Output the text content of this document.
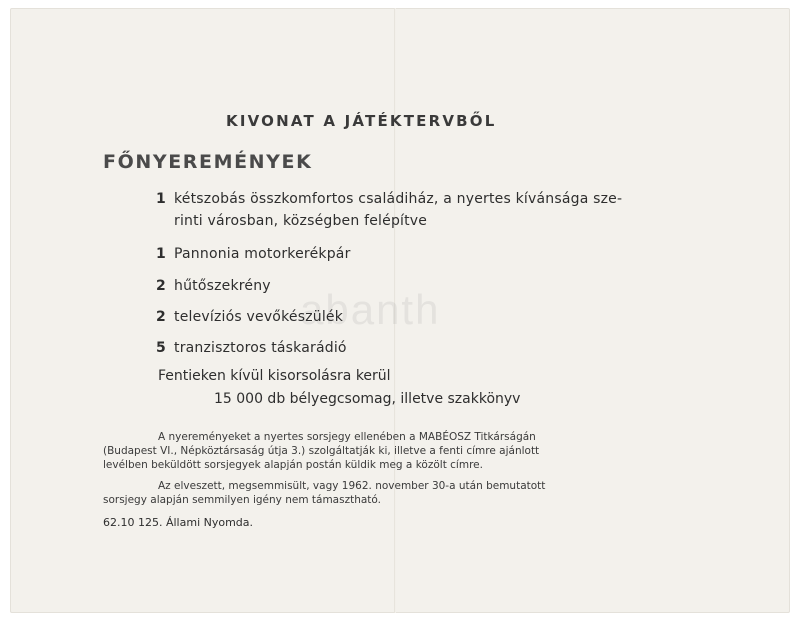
abanth
KIVONAT A JÁTÉKTERVBŐL
FŐNYEREMÉNYEK
1 kétszobás összkomfortos családiház, a nyertes kívánsága sze-
rinti városban, községben felépítve
1 Pannonia motorkerékpár
2 hűtőszekrény
2 televíziós vevőkészülék
5 tranzisztoros táskarádió
Fentieken kívül kisorsolásra kerül
15 000 db bélyegcsomag, illetve szakkönyv
A nyereményeket a nyertes sorsjegy ellenében a MABÉOSZ Titkárságán
(Budapest VI., Népköztársaság útja 3.) szolgáltatják ki, illetve a fenti címre ajánlott
levélben beküldött sorsjegyek alapján postán küldik meg a közölt címre.
Az elveszett, megsemmisült, vagy 1962. november 30-a után bemutatott
sorsjegy alapján semmilyen igény nem támasztható.
62.10 125. Állami Nyomda.
